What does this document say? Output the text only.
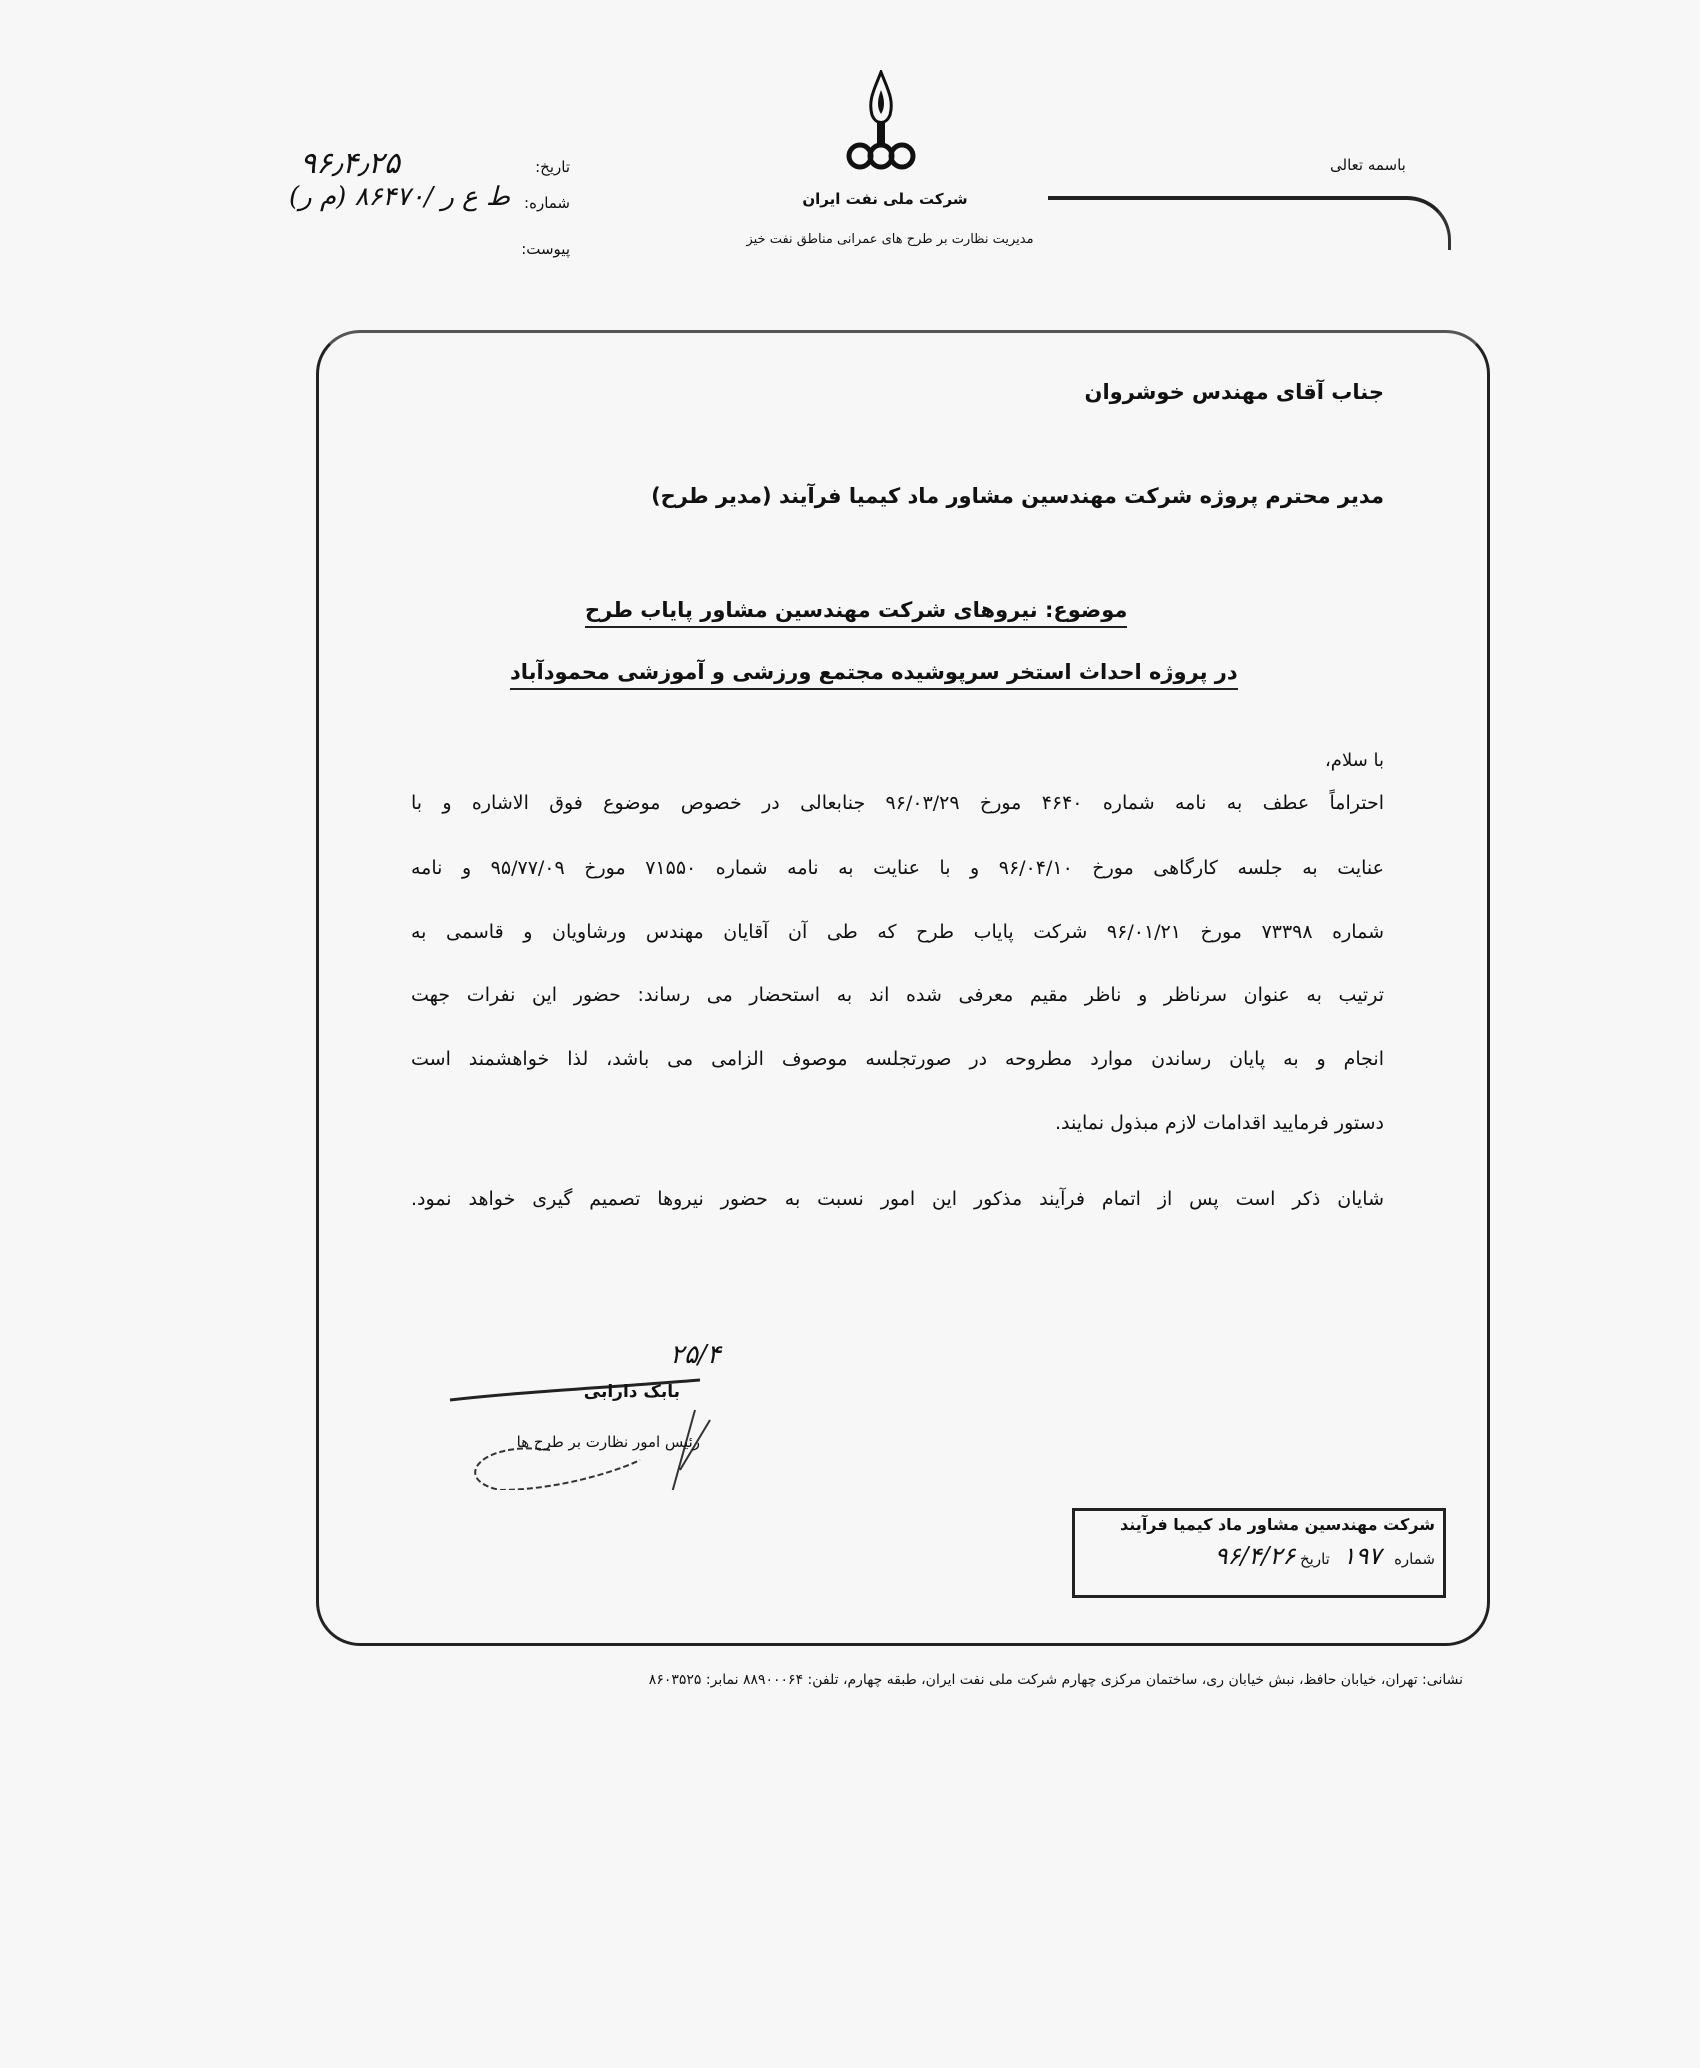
باسمه تعالی
شرکت ملی نفت ایران
مدیریت نظارت بر طرح های عمرانی مناطق نفت خیز
تاریخ:
۹۶٫۴٫۲۵
شماره:
ط ع ر /۸۶۴۷۰ (م ر)
پیوست:
جناب آقای مهندس خوشروان
مدیر محترم پروژه شرکت مهندسین مشاور ماد کیمیا فرآیند (مدیر طرح)
موضوع: نیروهای شرکت مهندسین مشاور پایاب طرح
در پروژه احداث استخر سرپوشیده مجتمع ورزشی و آموزشی محمودآباد
با سلام،
احتراماً عطف به نامه شماره ۴۶۴۰ مورخ ۹۶/۰۳/۲۹ جنابعالی در خصوص موضوع فوق الاشاره و با
عنایت به جلسه کارگاهی مورخ ۹۶/۰۴/۱۰ و با عنایت به نامه شماره ۷۱۵۵۰ مورخ ۹۵/۷۷/۰۹ و نامه
شماره ۷۳۳۹۸ مورخ ۹۶/۰۱/۲۱ شرکت پایاب طرح که طی آن آقایان مهندس ورشاویان و قاسمی به
ترتیب به عنوان سرناظر و ناظر مقیم معرفی شده اند به استحضار می رساند: حضور این نفرات جهت
انجام و به پایان رساندن موارد مطروحه در صورتجلسه موصوف الزامی می باشد، لذا خواهشمند است
دستور فرمایید اقدامات لازم مبذول نمایند.
شایان ذکر است پس از اتمام فرآیند مذکور این امور نسبت به حضور نیروها تصمیم گیری خواهد نمود.
۲۵/۴
بابک دارابی
رئیس امور نظارت بر طرح ها
شرکت مهندسین مشاور ماد کیمیا فرآیند
شماره ۱۹۷ تاریخ ۹۶/۴/۲۶
نشانی: تهران، خیابان حافظ، نبش خیابان ری، ساختمان مرکزی چهارم شرکت ملی نفت ایران، طبقه چهارم، تلفن: ۸۸۹۰۰۰۶۴ نمابر: ۸۶۰۳۵۲۵
